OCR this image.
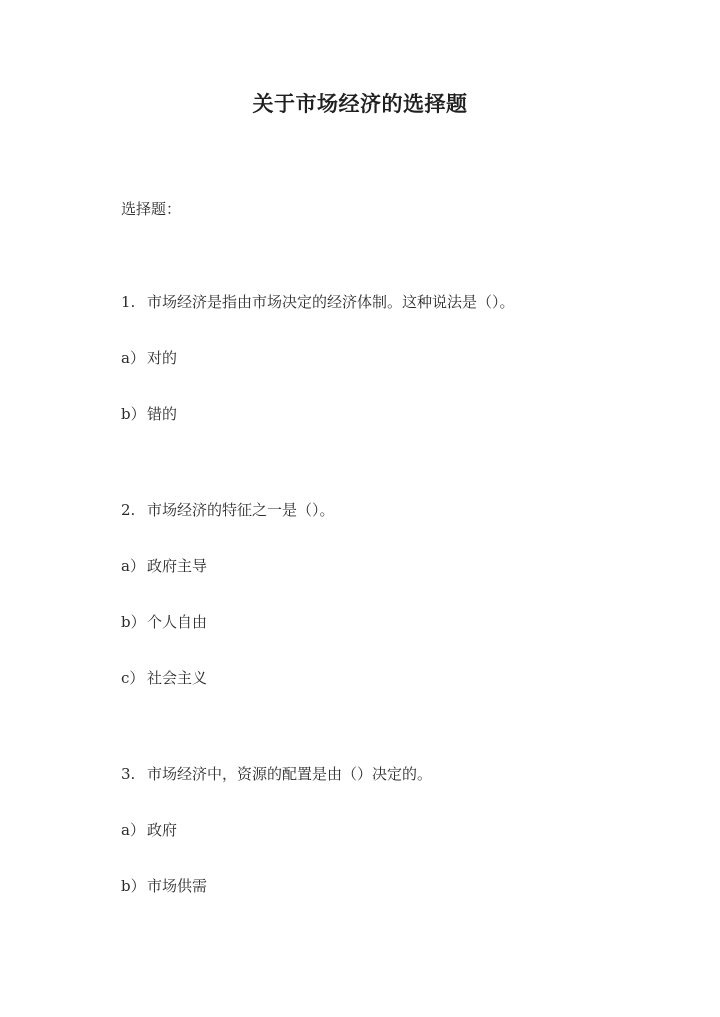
关于市场经济的选择题
选择题：
1. 市场经济是指由市场决定的经济体制。这种说法是（）。
a） 对的
b）错的
2. 市场经济的特征之一是（）。
a） 政府主导
b）个人自由
c） 社会主义
3. 市场经济中，资源的配置是由（）决定的。
a） 政府
b）市场供需
